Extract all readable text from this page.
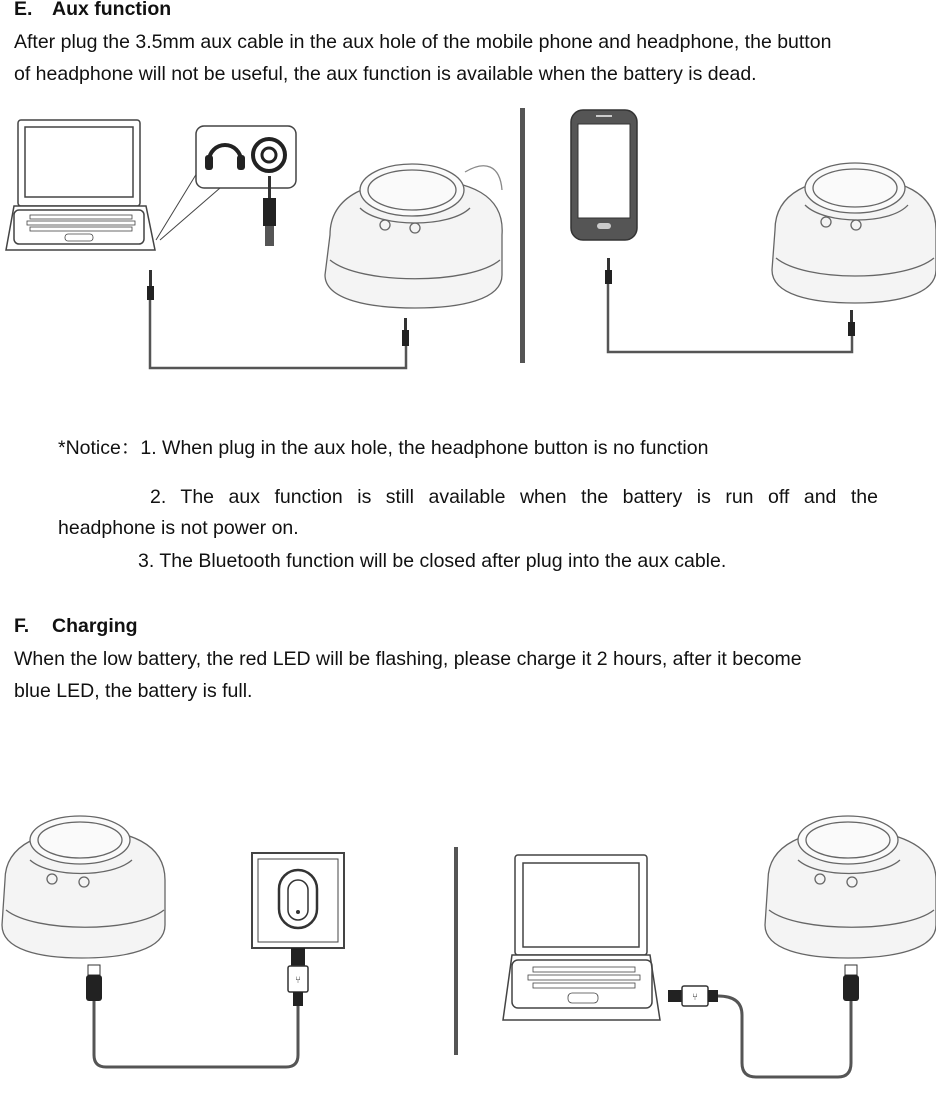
E. Aux function
After plug the 3.5mm aux cable in the aux hole of the mobile phone and headphone, the button
of headphone will not be useful, the aux function is available when the battery is dead.
*Notice：1. When plug in the aux hole, the headphone button is no function
2. The aux function is still available when the battery is run off and the
headphone is not power on.
3. The Bluetooth function will be closed after plug into the aux cable.
F. Charging
When the low battery, the red LED will be flashing, please charge it 2 hours, after it become
blue LED, the battery is full.
⑂
⑂
